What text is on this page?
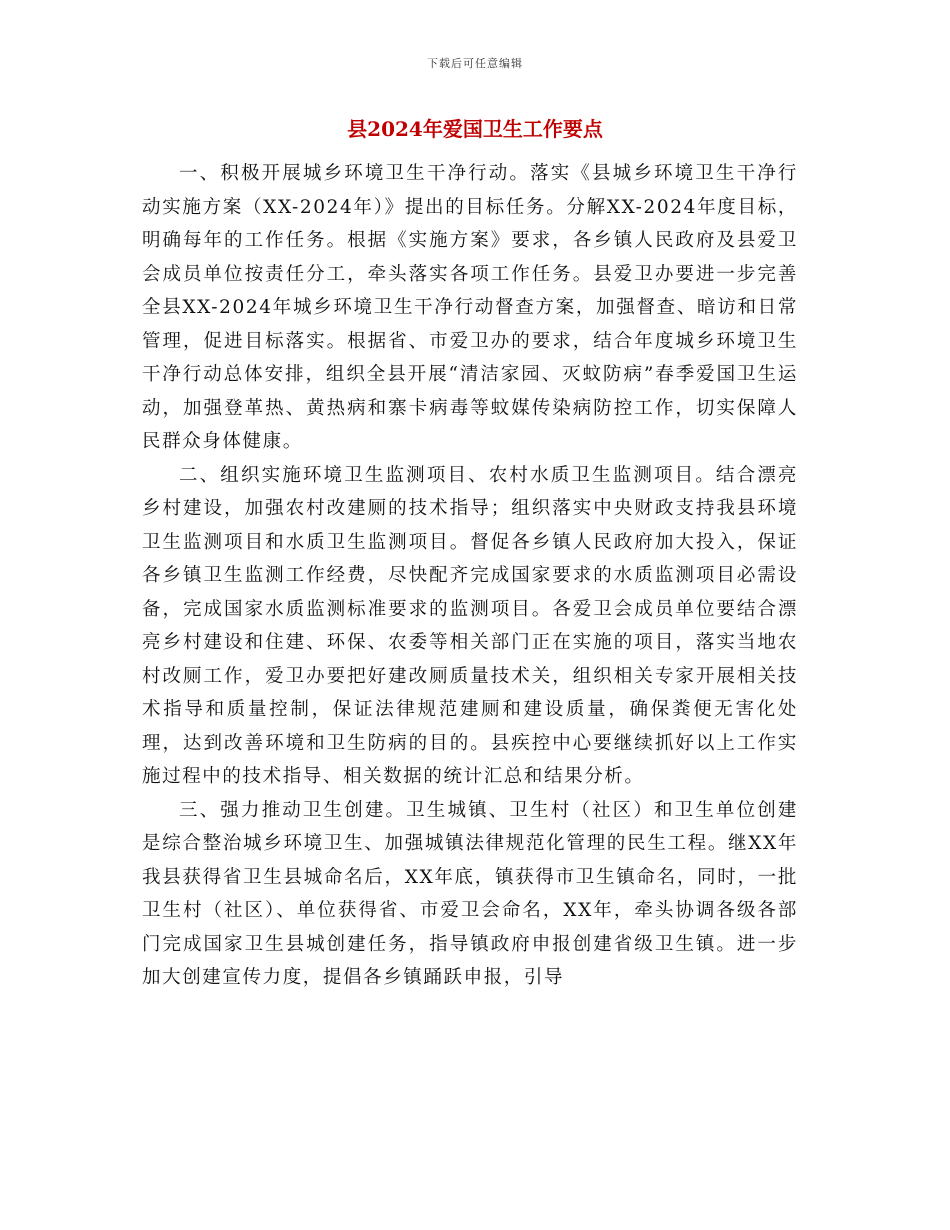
下载后可任意编辑
县2024年爱国卫生工作要点

一、积极开展城乡环境卫生干净行动。落实《县城乡环境卫生干净行动实施方案（XX-2024年）》提出的目标任务。分解XX-2024年度目标，明确每年的工作任务。根据《实施方案》要求，各乡镇人民政府及县爱卫会成员单位按责任分工，牵头落实各项工作任务。县爱卫办要进一步完善全县XX-2024年城乡环境卫生干净行动督查方案，加强督查、暗访和日常管理，促进目标落实。根据省、市爱卫办的要求，结合年度城乡环境卫生干净行动总体安排，组织全县开展“清洁家园、灭蚊防病”春季爱国卫生运动，加强登革热、黄热病和寨卡病毒等蚊媒传染病防控工作，切实保障人民群众身体健康。

二、组织实施环境卫生监测项目、农村水质卫生监测项目。结合漂亮乡村建设，加强农村改建厕的技术指导；组织落实中央财政支持我县环境卫生监测项目和水质卫生监测项目。督促各乡镇人民政府加大投入，保证各乡镇卫生监测工作经费，尽快配齐完成国家要求的水质监测项目必需设备，完成国家水质监测标准要求的监测项目。各爱卫会成员单位要结合漂亮乡村建设和住建、环保、农委等相关部门正在实施的项目，落实当地农村改厕工作，爱卫办要把好建改厕质量技术关，组织相关专家开展相关技术指导和质量控制，保证法律规范建厕和建设质量，确保粪便无害化处理，达到改善环境和卫生防病的目的。县疾控中心要继续抓好以上工作实施过程中的技术指导、相关数据的统计汇总和结果分析。

三、强力推动卫生创建。卫生城镇、卫生村（社区）和卫生单位创建是综合整治城乡环境卫生、加强城镇法律规范化管理的民生工程。继XX年我县获得省卫生县城命名后，XX年底，镇获得市卫生镇命名，同时，一批卫生村（社区）、单位获得省、市爱卫会命名，XX年，牵头协调各级各部门完成国家卫生县城创建任务，指导镇政府申报创建省级卫生镇。进一步加大创建宣传力度，提倡各乡镇踊跃申报，引导
